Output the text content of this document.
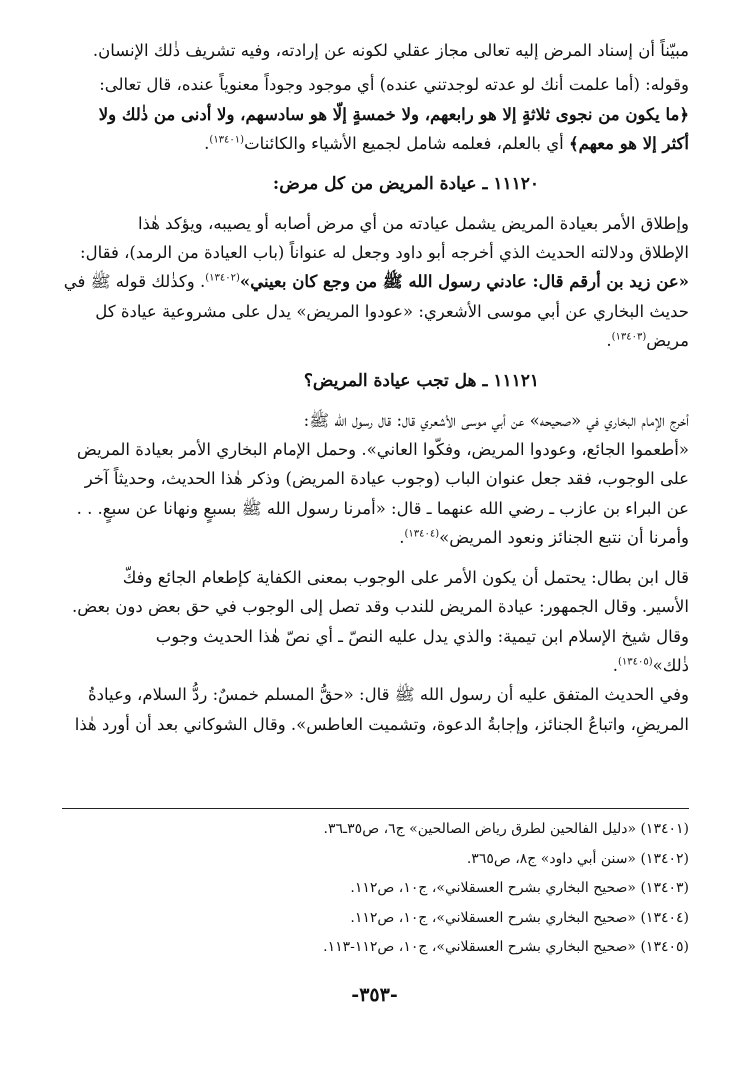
مبيّناً أن إسناد المرض إليه تعالى مجاز عقلي لكونه عن إرادته، وفيه تشريف ذٰلك الإنسان.

وقوله: (أما علمت أنك لو عدته لوجدتني عنده) أي موجود وجوداً معنوياً عنده، قال تعالى:
﴿ما يكون من نجوى ثلاثةٍ إلا هو رابعهم، ولا خمسةٍ إلّا هو سادسهم، ولا أدنى من ذٰلك ولا
أكثر إلا هو معهم﴾ أي بالعلم، فعلمه شامل لجميع الأشياء والكائنات$^{(١٣٤٠١)}$.

١١١٢٠ ـ عيادة المريض من كل مرض:

وإطلاق الأمر بعيادة المريض يشمل عيادته من أي مرض أصابه أو يصيبه، ويؤكد هٰذا
الإطلاق ودلالته الحديث الذي أخرجه أبو داود وجعل له عنواناً (باب العيادة من الرمد)، فقال:
«عن زيد بن أرقم قال: عادني رسول الله ﷺ من وجع كان بعيني»$^{(١٣٤٠٢)}$. وكذٰلك قوله ﷺ في
حديث البخاري عن أبي موسى الأشعري: «عودوا المريض» يدل على مشروعية عيادة كل
مريض$^{(١٣٤٠٣)}$.

١١١٢١ ـ هل تجب عيادة المريض؟

أخرج الإمام البخاري في «صحيحه» عن أبي موسى الأشعري قال: قال رسول الله ﷺ:
«أطعموا الجائع، وعودوا المريض، وفكّوا العاني». وحمل الإمام البخاري الأمر بعيادة المريض
على الوجوب، فقد جعل عنوان الباب (وجوب عيادة المريض) وذكر هٰذا الحديث، وحديثاً آخر
عن البراء بن عازب ـ رضي الله عنهما ـ قال: «أمرنا رسول الله ﷺ بسبعٍ ونهانا عن سبعٍ. . .
وأمرنا أن نتبع الجنائز ونعود المريض»$^{(١٣٤٠٤)}$.

قال ابن بطال: يحتمل أن يكون الأمر على الوجوب بمعنى الكفاية كإطعام الجائع وفكّ
الأسير. وقال الجمهور: عيادة المريض للندب وقد تصل إلى الوجوب في حق بعض دون بعض.
وقال شيخ الإسلام ابن تيمية: والذي يدل عليه النصّ ـ أي نصّ هٰذا الحديث وجوب
ذٰلك»$^{(١٣٤٠٥)}$.

وفي الحديث المتفق عليه أن رسول الله ﷺ قال: «حقُّ المسلم خمسٌ: ردُّ السلام، وعيادةُ
المريضِ، واتباعُ الجنائز، وإجابةُ الدعوة، وتشميت العاطس». وقال الشوكاني بعد أن أورد هٰذا

(١٣٤٠١) «دليل الفالحين لطرق رياض الصالحين» ج٦، ص٣٥ـ٣٦.

(١٣٤٠٢) «سنن أبي داود» ج٨، ص٣٦٥.

(١٣٤٠٣) «صحيح البخاري بشرح العسقلاني»، ج١٠، ص١١٢.

(١٣٤٠٤) «صحيح البخاري بشرح العسقلاني»، ج١٠، ص١١٢.

(١٣٤٠٥) «صحيح البخاري بشرح العسقلاني»، ج١٠، ص١١٢-١١٣.

-٣٥٣-
